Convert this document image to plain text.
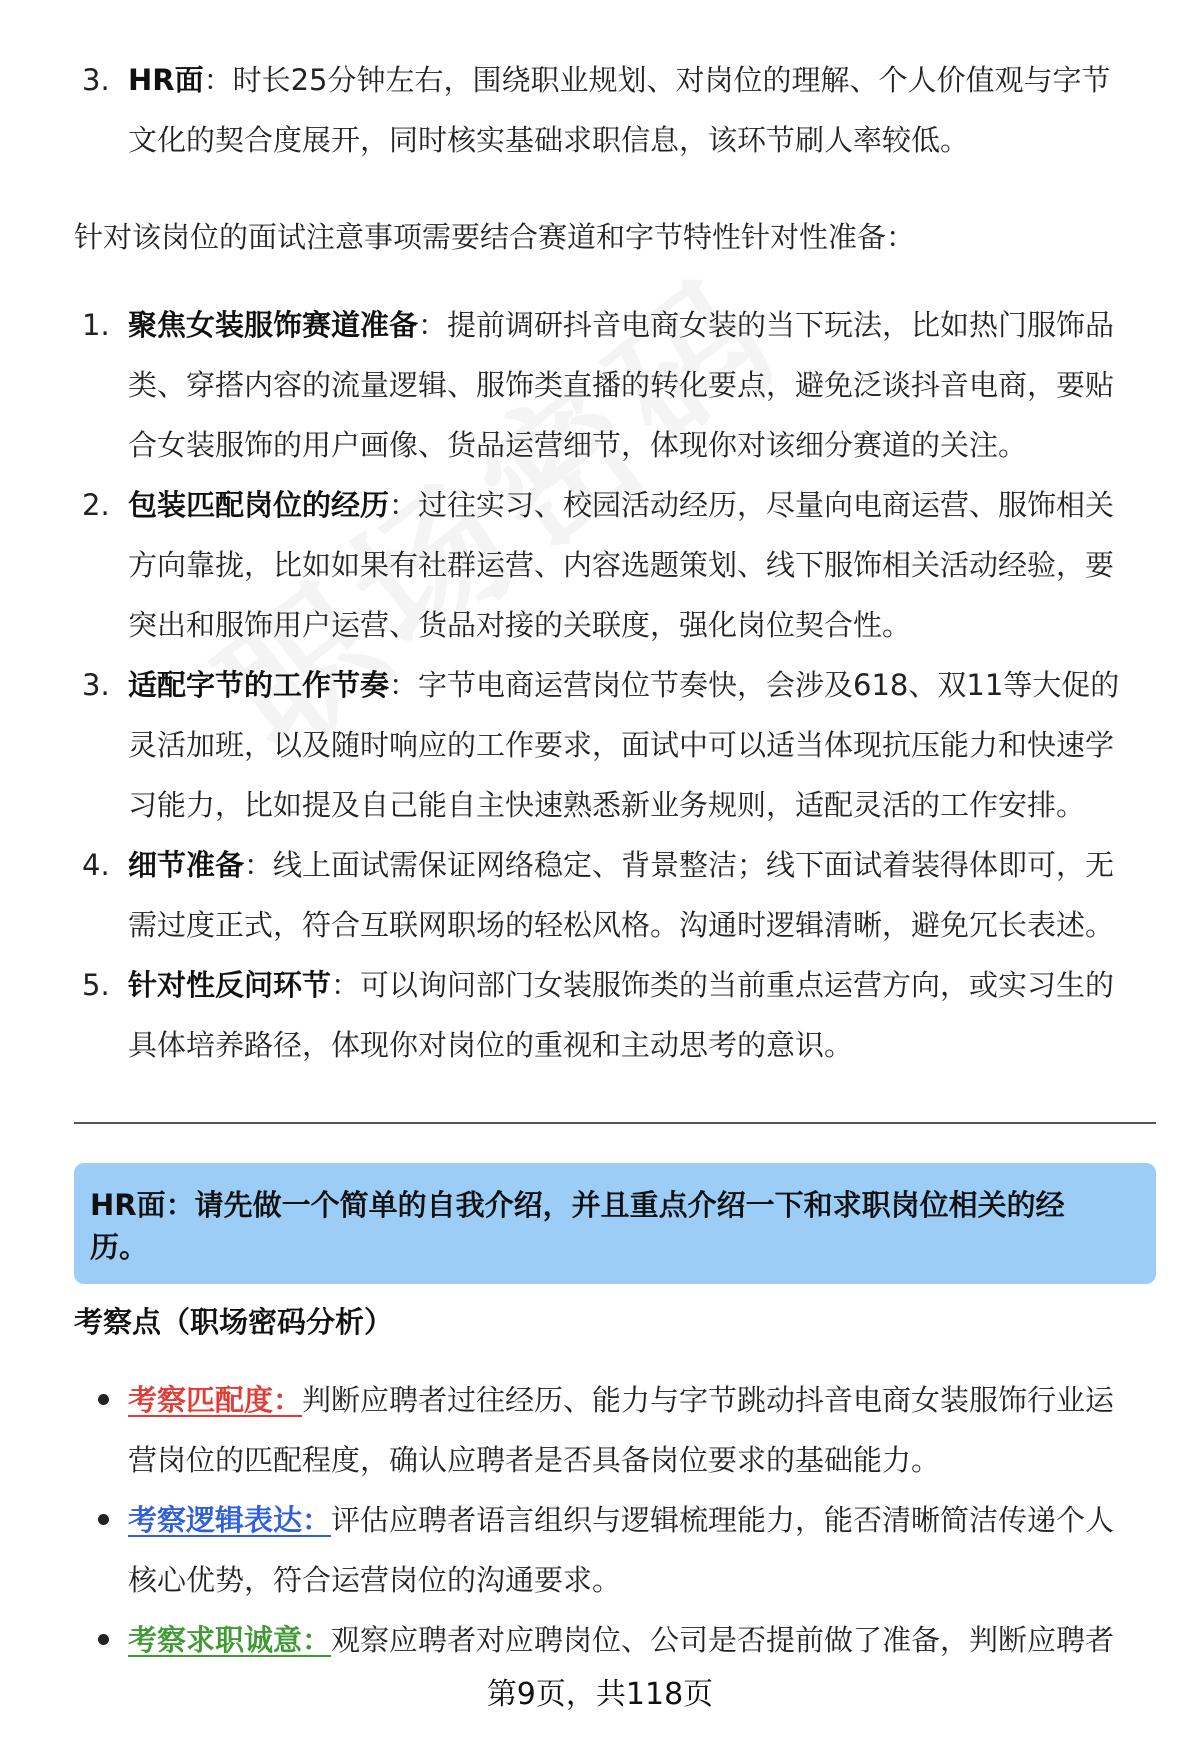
3. HR面：时长25分钟左右，围绕职业规划、对岗位的理解、个人价值观与字节文化的契合度展开，同时核实基础求职信息，该环节刷人率较低。
针对该岗位的面试注意事项需要结合赛道和字节特性针对性准备：
1. 聚焦女装服饰赛道准备：提前调研抖音电商女装的当下玩法，比如热门服饰品类、穿搭内容的流量逻辑、服饰类直播的转化要点，避免泛谈抖音电商，要贴合女装服饰的用户画像、货品运营细节，体现你对该细分赛道的关注。
2. 包装匹配岗位的经历：过往实习、校园活动经历，尽量向电商运营、服饰相关方向靠拢，比如如果有社群运营、内容选题策划、线下服饰相关活动经验，要突出和服饰用户运营、货品对接的关联度，强化岗位契合性。
3. 适配字节的工作节奏：字节电商运营岗位节奏快，会涉及618、双11等大促的灵活加班，以及随时响应的工作要求，面试中可以适当体现抗压能力和快速学习能力，比如提及自己能自主快速熟悉新业务规则，适配灵活的工作安排。
4. 细节准备：线上面试需保证网络稳定、背景整洁；线下面试着装得体即可，无需过度正式，符合互联网职场的轻松风格。沟通时逻辑清晰，避免冗长表述。
5. 针对性反问环节：可以询问部门女装服饰类的当前重点运营方向，或实习生的具体培养路径，体现你对岗位的重视和主动思考的意识。
HR面：请先做一个简单的自我介绍，并且重点介绍一下和求职岗位相关的经历。
考察点（职场密码分析）
考察匹配度：判断应聘者过往经历、能力与字节跳动抖音电商女装服饰行业运营岗位的匹配程度，确认应聘者是否具备岗位要求的基础能力。
考察逻辑表达：评估应聘者语言组织与逻辑梳理能力，能否清晰简洁传递个人核心优势，符合运营岗位的沟通要求。
考察求职诚意：观察应聘者对应聘岗位、公司是否提前做了准备，判断应聘者
第9页，共118页
